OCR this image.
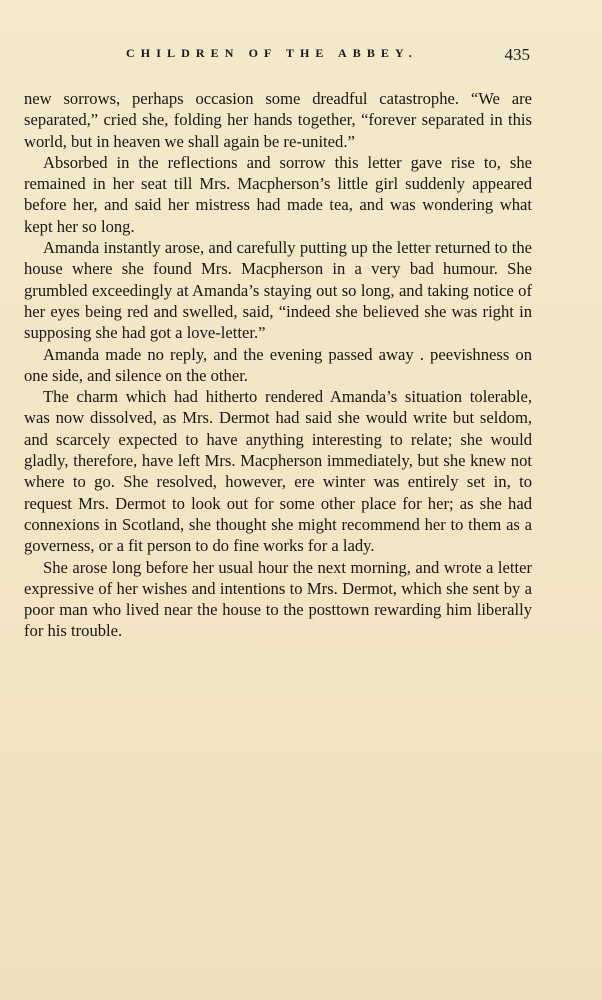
CHILDREN OF THE ABBEY.	435

new sorrows, perhaps occasion some dreadful catastrophe. “We are separated,” cried she, folding her hands together, “forever separated in this world, but in heaven we shall again be re-united.”

Absorbed in the reflections and sorrow this letter gave rise to, she remained in her seat till Mrs. Macpherson’s little girl suddenly appeared before her, and said her mistress had made tea, and was wondering what kept her so long.

Amanda instantly arose, and carefully putting up the letter returned to the house where she found Mrs. Macpherson in a very bad humour. She grumbled exceedingly at Amanda’s staying out so long, and taking notice of her eyes being red and swelled, said, “indeed she believed she was right in supposing she had got a love-letter.”

Amanda made no reply, and the evening passed away . peevishness on one side, and silence on the other.

The charm which had hitherto rendered Amanda’s situation tolerable, was now dissolved, as Mrs. Dermot had said she would write but seldom, and scarcely expected to have anything interesting to relate; she would gladly, therefore, have left Mrs. Macpherson immediately, but she knew not where to go. She resolved, however, ere winter was entirely set in, to request Mrs. Dermot to look out for some other place for her; as she had connexions in Scotland, she thought she might recommend her to them as a governess, or a fit person to do fine works for a lady.

She arose long before her usual hour the next morning, and wrote a letter expressive of her wishes and intentions to Mrs. Dermot, which she sent by a poor man who lived near the house to the posttown rewarding him liberally for his trouble.
